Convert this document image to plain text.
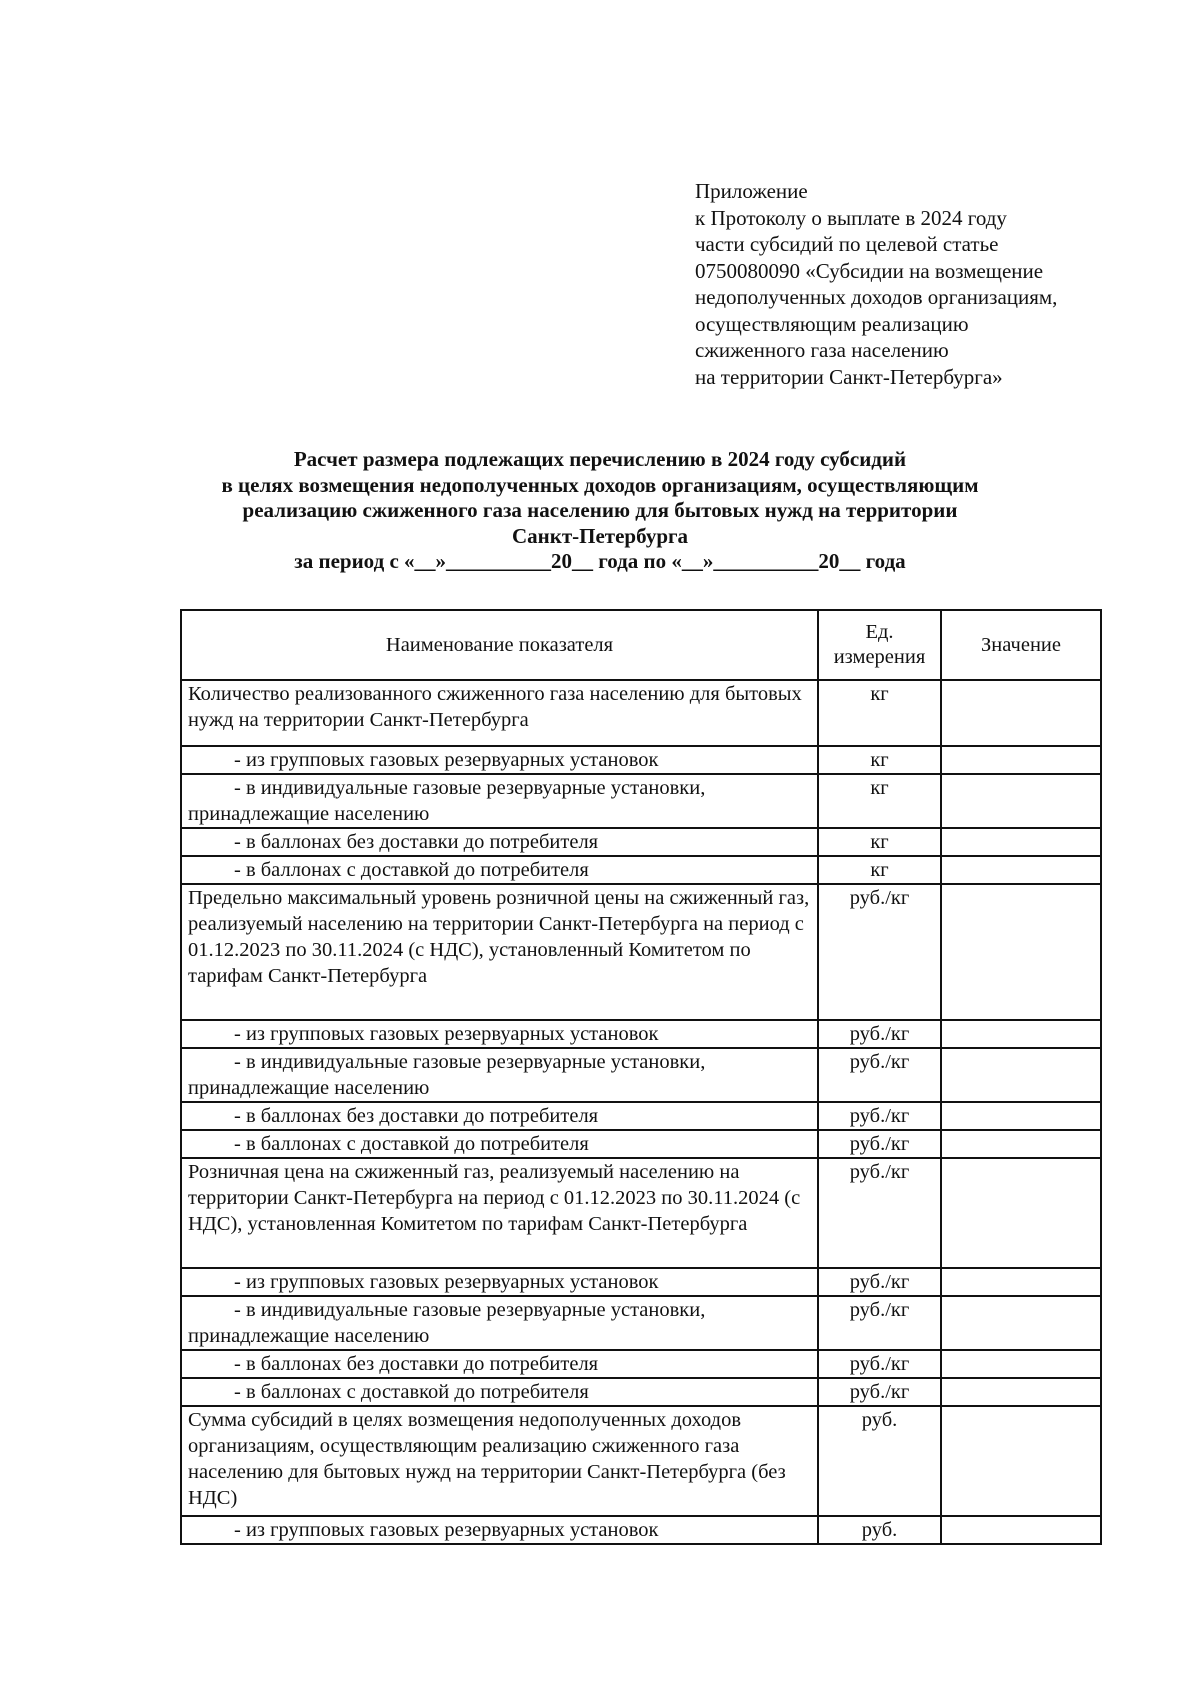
Приложение
к Протоколу о выплате в 2024 году
части субсидий по целевой статье
0750080090 «Субсидии на возмещение
недополученных доходов организациям,
осуществляющим реализацию
сжиженного газа населению
на территории Санкт-Петербурга»
Расчет размера подлежащих перечислению в 2024 году субсидий
в целях возмещения недополученных доходов организациям, осуществляющим
реализацию сжиженного газа населению для бытовых нужд на территории
Санкт-Петербурга
за период с «__»__________20__ года по «__»__________20__ года
Наименование показателя	Ед. измерения	Значение
Количество реализованного сжиженного газа населению для бытовых нужд на территории Санкт-Петербурга	кг	
- из групповых газовых резервуарных установок	кг	
- в индивидуальные газовые резервуарные установки, принадлежащие населению	кг	
- в баллонах без доставки до потребителя	кг	
- в баллонах с доставкой до потребителя	кг	
Предельно максимальный уровень розничной цены на сжиженный газ, реализуемый населению на территории Санкт-Петербурга на период с 01.12.2023 по 30.11.2024 (с НДС), установленный Комитетом по тарифам Санкт-Петербурга	руб./кг	
- из групповых газовых резервуарных установок	руб./кг	
- в индивидуальные газовые резервуарные установки, принадлежащие населению	руб./кг	
- в баллонах без доставки до потребителя	руб./кг	
- в баллонах с доставкой до потребителя	руб./кг	
Розничная цена на сжиженный газ, реализуемый населению на территории Санкт-Петербурга на период с 01.12.2023 по 30.11.2024 (с НДС), установленная Комитетом по тарифам Санкт-Петербурга	руб./кг	
- из групповых газовых резервуарных установок	руб./кг	
- в индивидуальные газовые резервуарные установки, принадлежащие населению	руб./кг	
- в баллонах без доставки до потребителя	руб./кг	
- в баллонах с доставкой до потребителя	руб./кг	
Сумма субсидий в целях возмещения недополученных доходов организациям, осуществляющим реализацию сжиженного газа населению для бытовых нужд на территории Санкт-Петербурга (без НДС)	руб.	
- из групповых газовых резервуарных установок	руб.	
